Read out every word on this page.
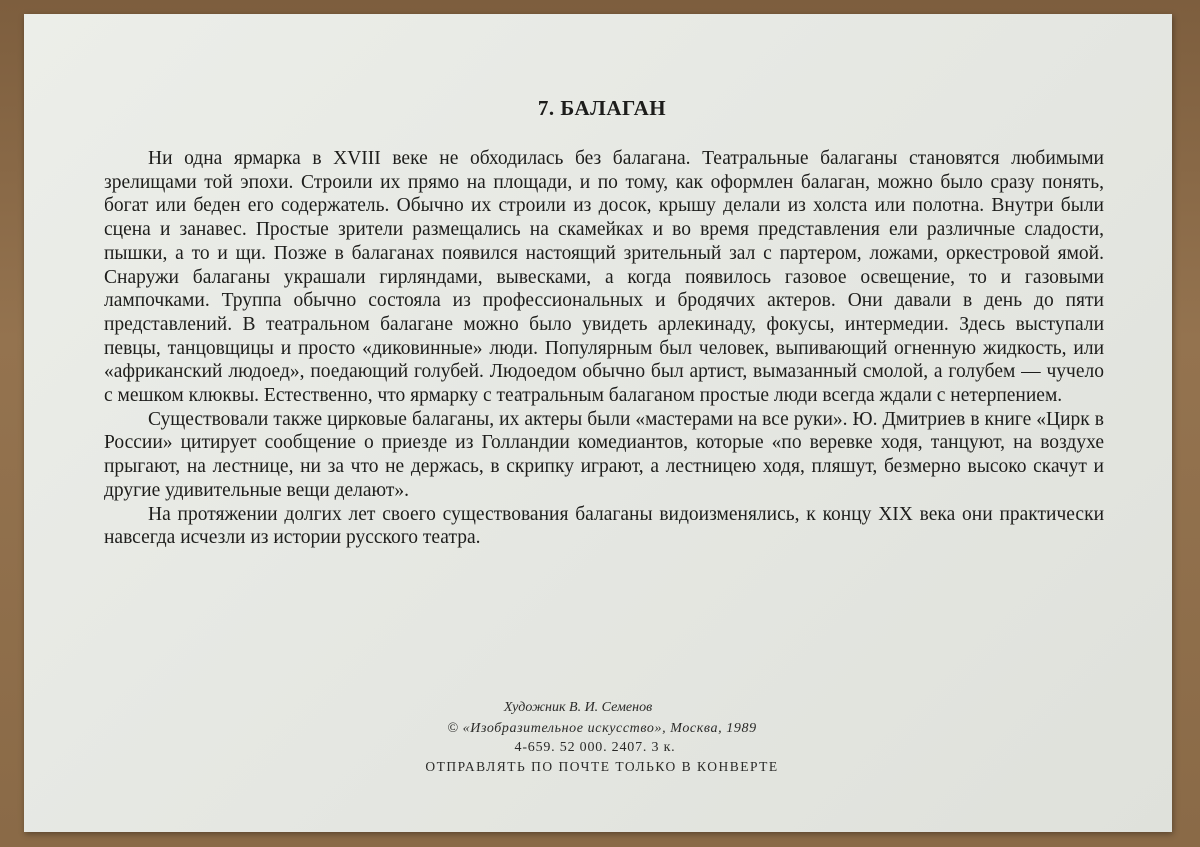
7. БАЛАГАН

Ни одна ярмарка в XVIII веке не обходилась без балагана. Театральные балаганы становятся любимыми зрелищами той эпохи. Строили их прямо на площади, и по тому, как оформлен балаган, можно было сразу понять, богат или беден его содержатель. Обычно их строили из досок, крышу делали из холста или полотна. Внутри были сцена и занавес. Простые зрители размещались на скамейках и во время представления ели различные сладости, пышки, а то и щи. Позже в балаганах появился настоящий зрительный зал с партером, ложами, оркестровой ямой. Снаружи балаганы украшали гирляндами, вывесками, а когда появилось газовое освещение, то и газовыми лампочками. Труппа обычно состояла из профессиональных и бродячих актеров. Они давали в день до пяти представлений. В театральном балагане можно было увидеть арлекинаду, фокусы, интермедии. Здесь выступали певцы, танцовщицы и просто «диковинные» люди. Популярным был человек, выпивающий огненную жидкость, или «африканский людоед», поедающий голубей. Людоедом обычно был артист, вымазанный смолой, а голубем — чучело с мешком клюквы. Естественно, что ярмарку с театральным балаганом простые люди всегда ждали с нетерпением.

Существовали также цирковые балаганы, их актеры были «мастерами на все руки». Ю. Дмитриев в книге «Цирк в России» цитирует сообщение о приезде из Голландии комедиантов, которые «по веревке ходя, танцуют, на воздухе прыгают, на лестнице, ни за что не держась, в скрипку играют, а лестницею ходя, пляшут, безмерно высоко скачут и другие удивительные вещи делают».

На протяжении долгих лет своего существования балаганы видоизменялись, к концу XIX века они практически навсегда исчезли из истории русского театра.

Художник В. И. Семенов
© «Изобразительное искусство», Москва, 1989
4-659. 52 000. 2407. 3 к.
ОТПРАВЛЯТЬ ПО ПОЧТЕ ТОЛЬКО В КОНВЕРТЕ
